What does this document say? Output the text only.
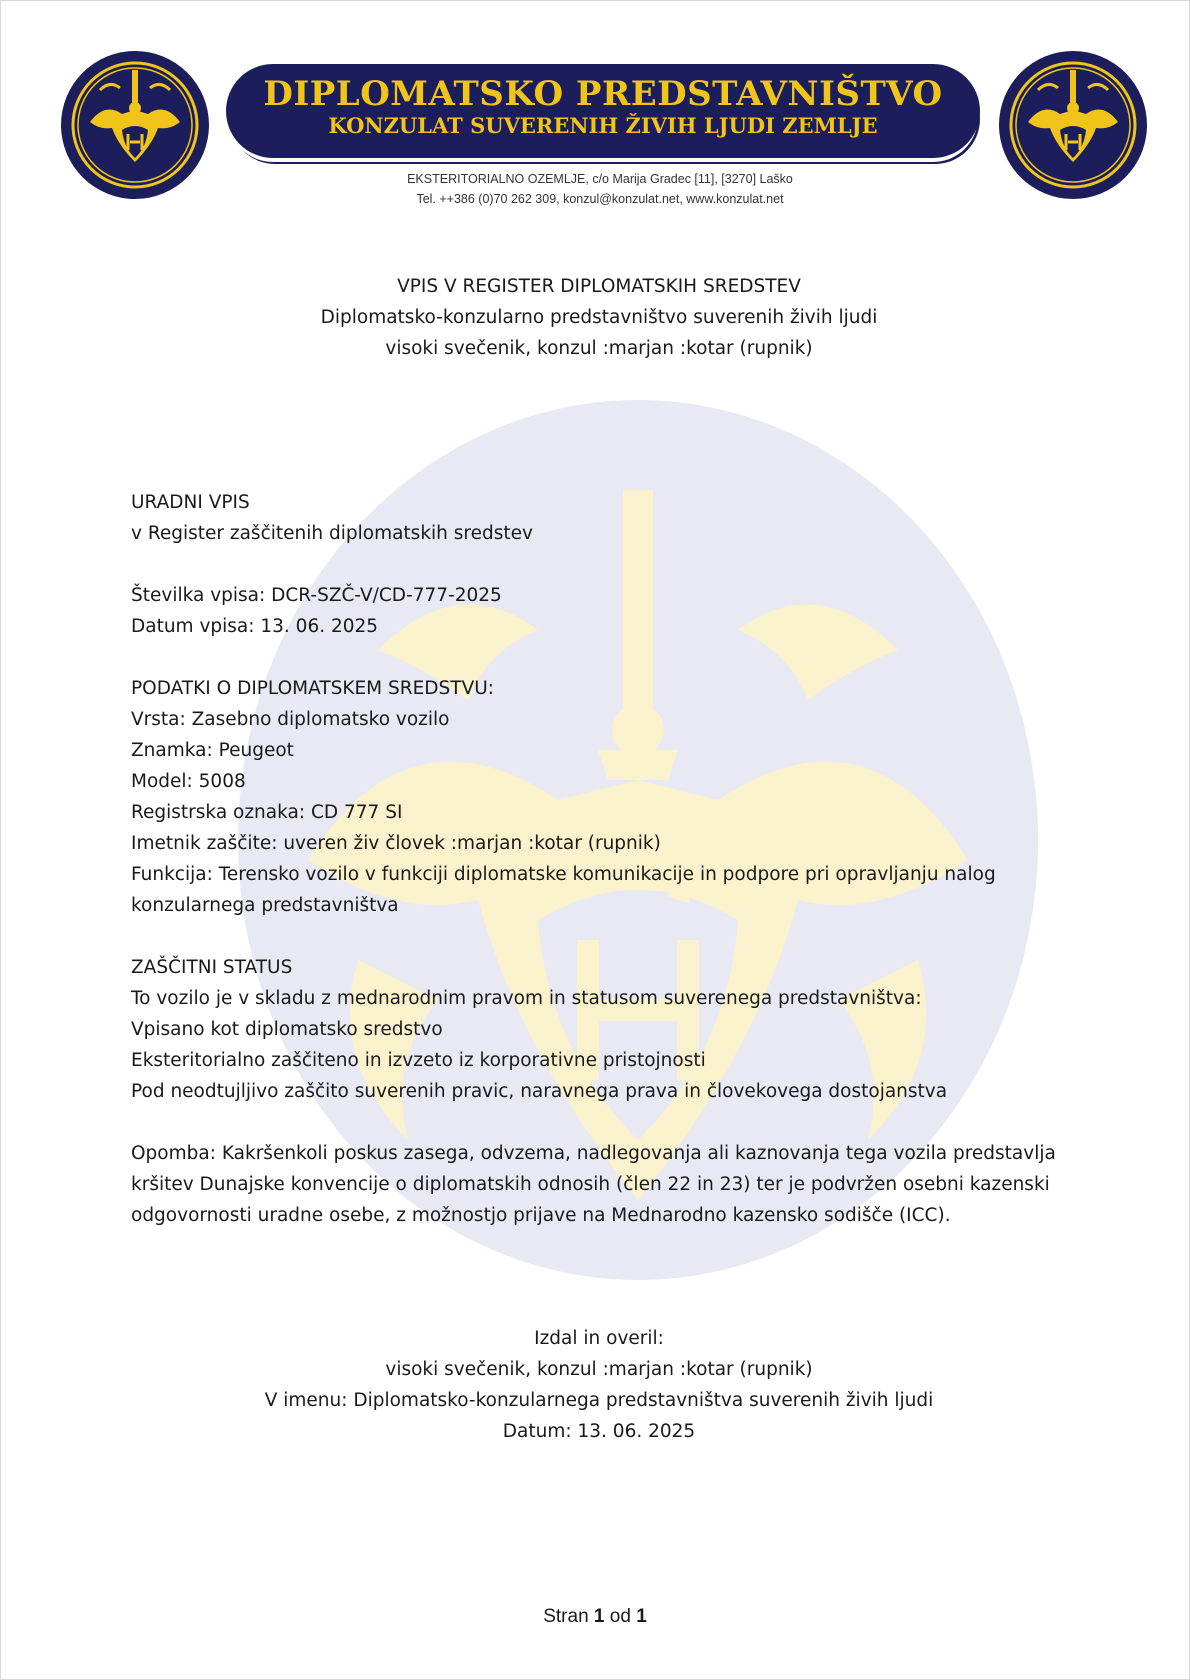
DIPLOMATSKO PREDSTAVNIŠTVO
KONZULAT SUVERENIH ŽIVIH LJUDI ZEMLJE
EKSTERITORIALNO OZEMLJE, c/o Marija Gradec [11], [3270] Laško
Tel. ++386 (0)70 262 309, konzul@konzulat.net, www.konzulat.net
VPIS V REGISTER DIPLOMATSKIH SREDSTEV
Diplomatsko-konzularno predstavništvo suverenih živih ljudi
visoki svečenik, konzul :marjan :kotar (rupnik)
URADNI VPIS
v Register zaščitenih diplomatskih sredstev
Številka vpisa: DCR-SZČ-V/CD-777-2025
Datum vpisa: 13. 06. 2025
PODATKI O DIPLOMATSKEM SREDSTVU:
Vrsta: Zasebno diplomatsko vozilo
Znamka: Peugeot
Model: 5008
Registrska oznaka: CD 777 SI
Imetnik zaščite: uveren živ človek :marjan :kotar (rupnik)
Funkcija: Terensko vozilo v funkciji diplomatske komunikacije in podpore pri opravljanju nalog
konzularnega predstavništva
ZAŠČITNI STATUS
To vozilo je v skladu z mednarodnim pravom in statusom suverenega predstavništva:
Vpisano kot diplomatsko sredstvo
Eksteritorialno zaščiteno in izvzeto iz korporativne pristojnosti
Pod neodtujljivo zaščito suverenih pravic, naravnega prava in človekovega dostojanstva
Opomba: Kakršenkoli poskus zasega, odvzema, nadlegovanja ali kaznovanja tega vozila predstavlja
kršitev Dunajske konvencije o diplomatskih odnosih (člen 22 in 23) ter je podvržen osebni kazenski
odgovornosti uradne osebe, z možnostjo prijave na Mednarodno kazensko sodišče (ICC).
Izdal in overil:
visoki svečenik, konzul :marjan :kotar (rupnik)
V imenu: Diplomatsko-konzularnega predstavništva suverenih živih ljudi
Datum: 13. 06. 2025
Stran 1 od 1
